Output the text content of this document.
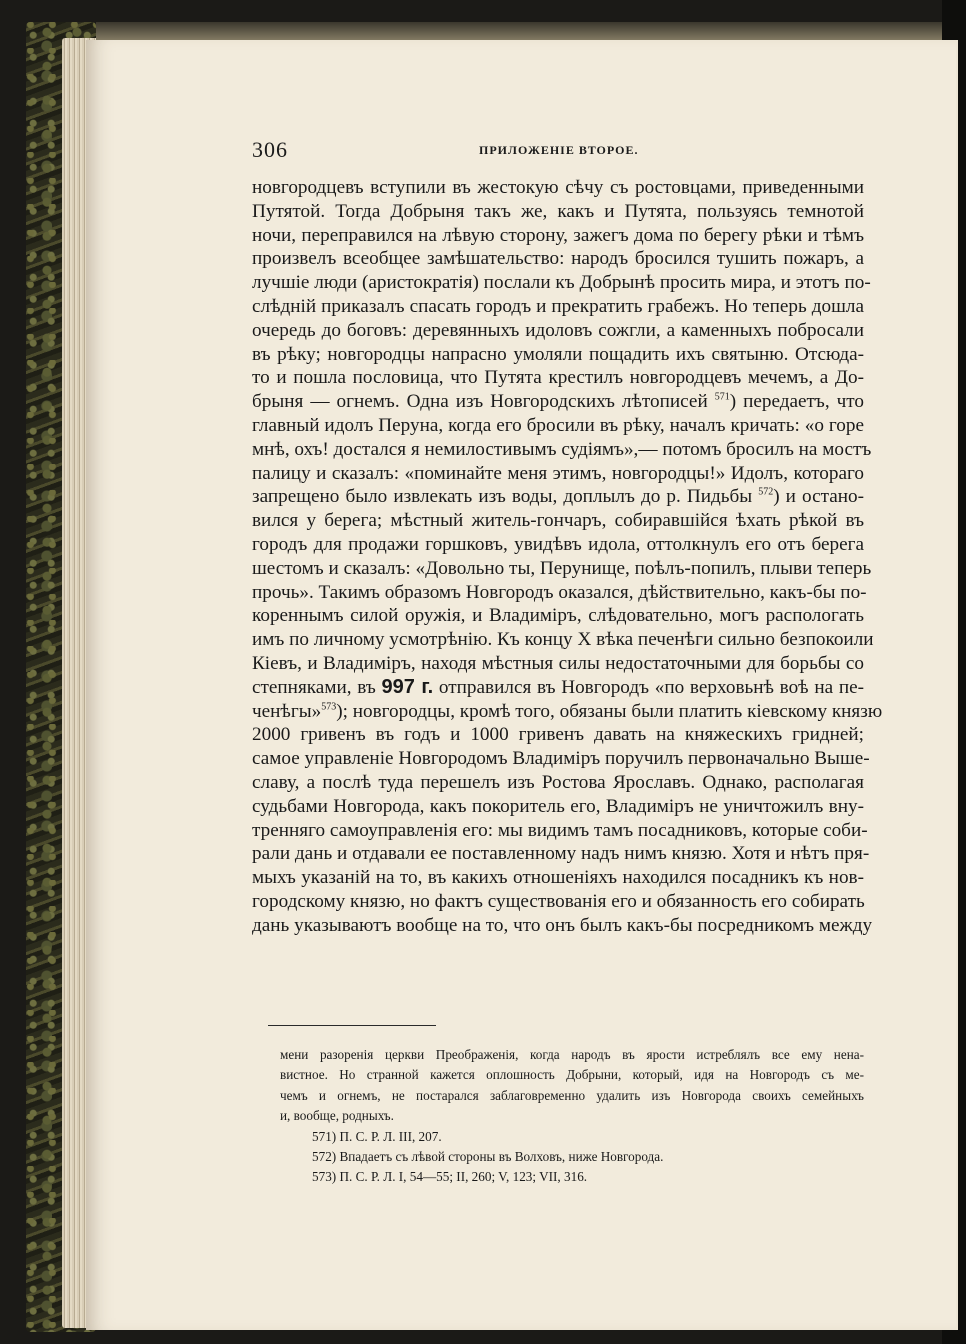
306	ПРИЛОЖЕНIЕ ВТОРОЕ.
новгородцевъ вступили въ жестокую сѣчу съ ростовцами, приведенными
Путятой. Тогда Добрыня такъ же, какъ и Путята, пользуясь темнотой
ночи, переправился на лѣвую сторону, зажегъ дома по берегу рѣки и тѣмъ
произвелъ всеобщее замѣшательство: народъ бросился тушить пожаръ, а
лучшіе люди (аристократія) послали къ Добрынѣ просить мира, и этотъ по-
слѣднiй приказалъ спасать городъ и прекратить грабежъ. Но теперь дошла
очередь до боговъ: деревянныхъ идоловъ сожгли, а каменныхъ побросали
въ рѣку; новгородцы напрасно умоляли пощадить ихъ святыню. Отсюда-
то и пошла пословица, что Путята крестилъ новгородцевъ мечемъ, а До-
брыня — огнемъ. Одна изъ Новгородскихъ лѣтописей $^{571}$) передаетъ, что
главный идолъ Перуна, когда его бросили въ рѣку, началъ кричать: «о горе
мнѣ, охъ! достался я немилостивымъ судiямъ»,— потомъ бросилъ на мостъ
палицу и сказалъ: «поминайте меня этимъ, новгородцы!» Идолъ, котораго
запрещено было извлекать изъ воды, доплылъ до р. Пидьбы $^{572}$) и остано-
вился у берега; мѣстный житель-гончаръ, собиравшійся ѣхать рѣкой въ
городъ для продажи горшковъ, увидѣвъ идола, оттолкнулъ его отъ берега
шестомъ и сказалъ: «Довольно ты, Перунище, поѣлъ-попилъ, плыви теперь
прочь». Такимъ образомъ Новгородъ оказался, дѣйствительно, какъ-бы по-
кореннымъ силой оружія, и Владиміръ, слѣдовательно, могъ распологать
имъ по личному усмотрѣнію. Къ концу X вѣка печенѣги сильно безпокоили
Кіевъ, и Владиміръ, находя мѣстныя силы недостаточными для борьбы со
степняками, въ 997 г. отправился въ Новгородъ «по верховьнѣ воѣ на пе-
ченѣгы»$^{573}$); новгородцы, кромѣ того, обязаны были платить кіевскому князю
2000 гривенъ въ годъ и 1000 гривенъ давать на княжескихъ гридней;
самое управленіе Новгородомъ Владиміръ поручилъ первоначально Выше-
славу, а послѣ туда перешелъ изъ Ростова Ярославъ. Однако, располагая
судьбами Новгорода, какъ покоритель его, Владиміръ не уничтожилъ вну-
тренняго самоуправленія его: мы видимъ тамъ посадниковъ, которые соби-
рали дань и отдавали ее поставленному надъ нимъ князю. Хотя и нѣтъ пря-
мыхъ указаній на то, въ какихъ отношеніяхъ находился посадникъ къ нов-
городскому князю, но фактъ существованія его и обязанность его собирать
дань указываютъ вообще на то, что онъ былъ какъ-бы посредникомъ между
мени разоренія церкви Преображенія, когда народъ въ ярости истреблялъ все ему нена-
вистное. Но странной кажется оплошность Добрыни, который, идя на Новгородъ съ ме-
чемъ и огнемъ, не постарался заблаговременно удалить изъ Новгорода своихъ семейныхъ
и, вообще, родныхъ.
571) П. С. Р. Л. III, 207.
572) Впадаетъ съ лѣвой стороны въ Волховъ, ниже Новгорода.
573) П. С. Р. Л. I, 54—55; II, 260; V, 123; VII, 316.
